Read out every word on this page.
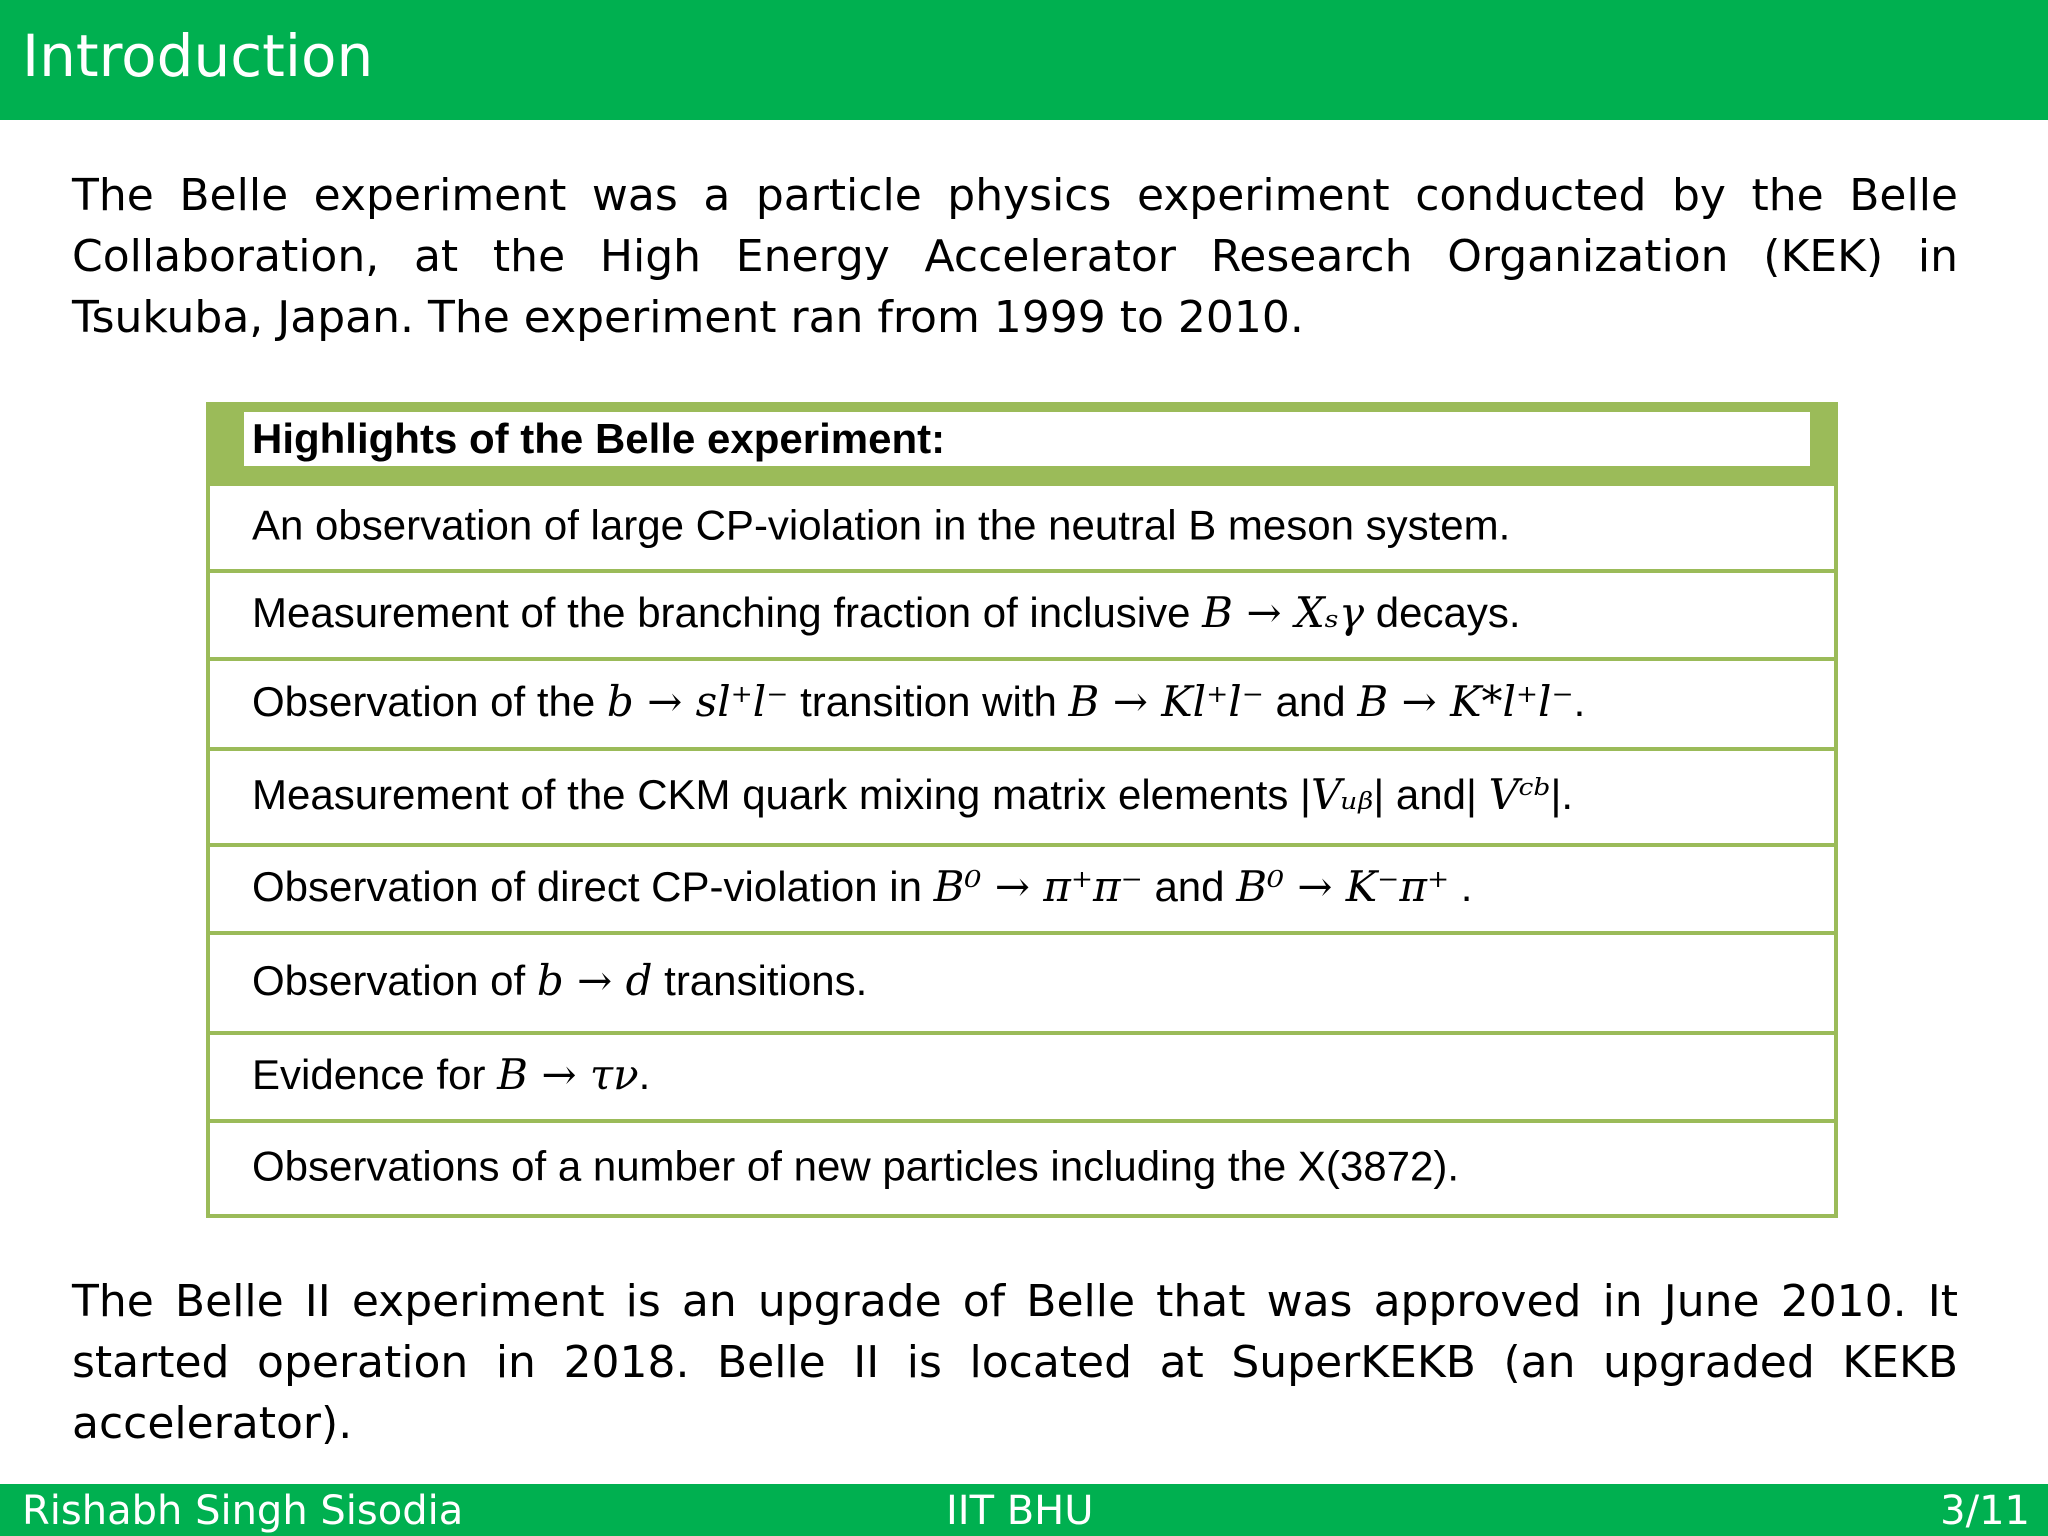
Introduction
The Belle experiment was a particle physics experiment conducted by the Belle Collaboration, at the High Energy Accelerator Research Organization (KEK) in Tsukuba, Japan. The experiment ran from 1999 to 2010.
Highlights of the Belle experiment:
An observation of large CP-violation in the neutral B meson system.
Measurement of the branching fraction of inclusive B → Xₛγ decays.
Observation of the b → sl⁺l⁻ transition with B → Kl⁺l⁻ and B → K*l⁺l⁻.
Measurement of the CKM quark mixing matrix elements |Vᵤᵦ| and| Vᶜᵇ|.
Observation of direct CP-violation in B⁰ → π⁺π⁻ and B⁰ → K⁻π⁺ .
Observation of b → d transitions.
Evidence for B → τν.
Observations of a number of new particles including the X(3872).
The Belle II experiment is an upgrade of Belle that was approved in June 2010. It started operation in 2018. Belle II is located at SuperKEKB (an upgraded KEKB accelerator).
Rishabh Singh Sisodia	IIT BHU	3/11
